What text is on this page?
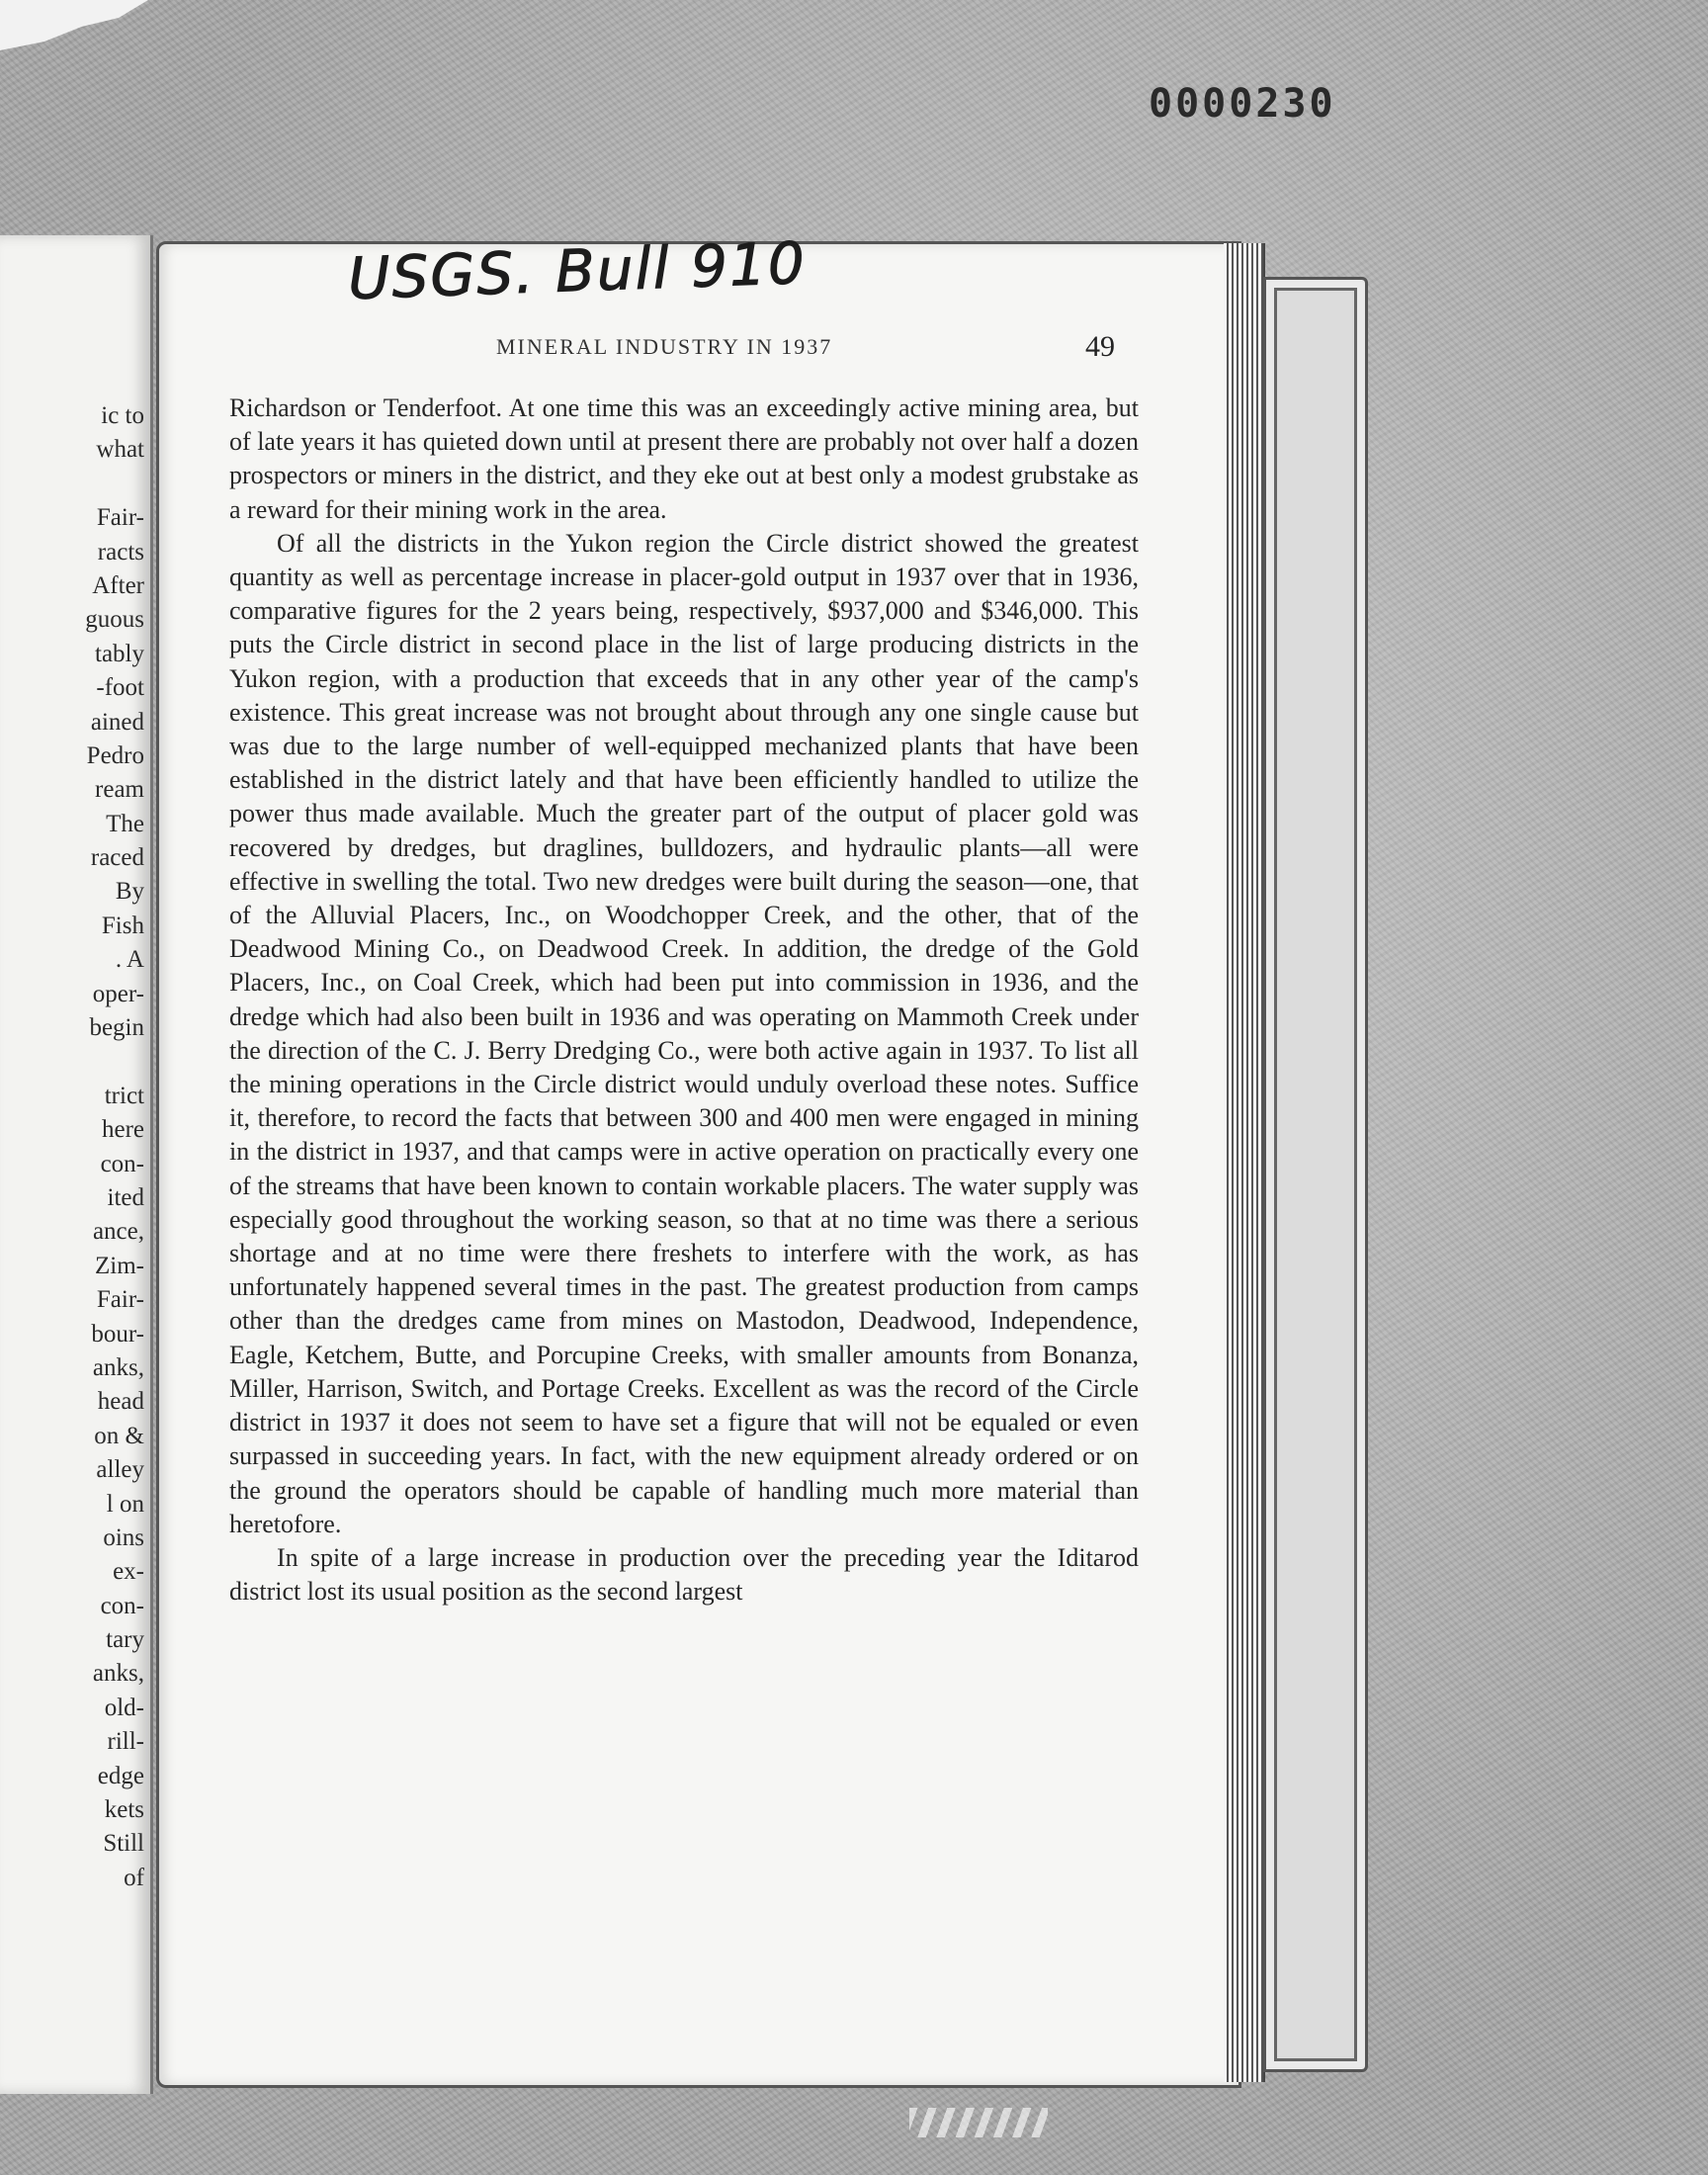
0000230
ic to
what
Fair-
racts
After
guous
tably
-foot
ained
Pedro
ream
The
raced
By
Fish
. A
oper-
begin
trict
here
con-
ited
ance,
Zim-
Fair-
bour-
anks,
head
on &
alley
l on
oins
ex-
con-
tary
anks,
old-
rill-
edge
kets
Still
of
USGS. Bull 910
MINERAL INDUSTRY IN 1937	49

Richardson or Tenderfoot. At one time this was an exceedingly active mining area, but of late years it has quieted down until at present there are probably not over half a dozen prospectors or miners in the district, and they eke out at best only a modest grubstake as a reward for their mining work in the area.

Of all the districts in the Yukon region the Circle district showed the greatest quantity as well as percentage increase in placer-gold output in 1937 over that in 1936, comparative figures for the 2 years being, respectively, $937,000 and $346,000. This puts the Circle district in second place in the list of large producing districts in the Yukon region, with a production that exceeds that in any other year of the camp's existence. This great increase was not brought about through any one single cause but was due to the large number of well-equipped mechanized plants that have been established in the district lately and that have been efficiently handled to utilize the power thus made available. Much the greater part of the output of placer gold was recovered by dredges, but draglines, bulldozers, and hydraulic plants—all were effective in swelling the total. Two new dredges were built during the season—one, that of the Alluvial Placers, Inc., on Woodchopper Creek, and the other, that of the Deadwood Mining Co., on Deadwood Creek. In addition, the dredge of the Gold Placers, Inc., on Coal Creek, which had been put into commission in 1936, and the dredge which had also been built in 1936 and was operating on Mammoth Creek under the direction of the C. J. Berry Dredging Co., were both active again in 1937. To list all the mining operations in the Circle district would unduly overload these notes. Suffice it, therefore, to record the facts that between 300 and 400 men were engaged in mining in the district in 1937, and that camps were in active operation on practically every one of the streams that have been known to contain workable placers. The water supply was especially good throughout the working season, so that at no time was there a serious shortage and at no time were there freshets to interfere with the work, as has unfortunately happened several times in the past. The greatest production from camps other than the dredges came from mines on Mastodon, Deadwood, Independence, Eagle, Ketchem, Butte, and Porcupine Creeks, with smaller amounts from Bonanza, Miller, Harrison, Switch, and Portage Creeks. Excellent as was the record of the Circle district in 1937 it does not seem to have set a figure that will not be equaled or even surpassed in succeeding years. In fact, with the new equipment already ordered or on the ground the operators should be capable of handling much more material than heretofore.

In spite of a large increase in production over the preceding year the Iditarod district lost its usual position as the second largest
